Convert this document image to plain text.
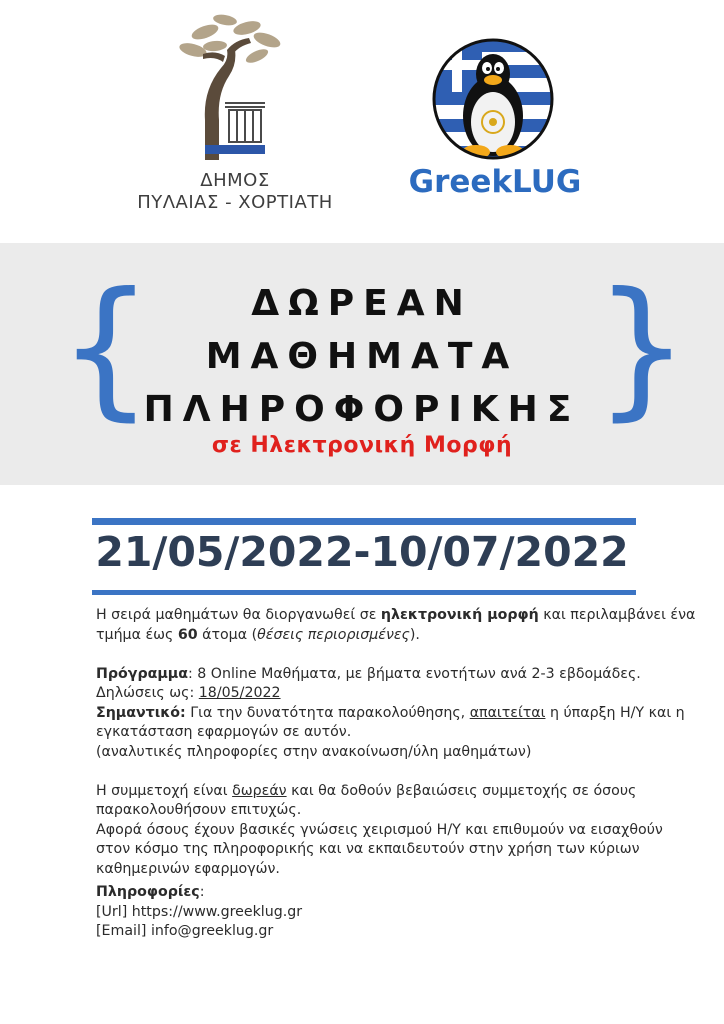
ΔΗΜΟΣ
ΠΥΛΑΙΑΣ - ΧΟΡΤΙΑΤΗ
GreekLUG
{	}
ΔΩΡΕΑΝ
ΜΑΘΗΜΑΤΑ
ΠΛΗΡΟΦΟΡΙΚΗΣ
σε Ηλεκτρονική Μορφή
21/05/2022-10/07/2022

Η σειρά μαθημάτων θα διοργανωθεί σε ηλεκτρονική μορφή και περιλαμβάνει ένα τμήμα έως 60 άτομα (θέσεις περιορισμένες).

Πρόγραμμα: 8 Online Μαθήματα, με βήματα ενοτήτων ανά 2-3 εβδομάδες. Δηλώσεις ως: 18/05/2022

Σημαντικό: Για την δυνατότητα παρακολούθησης, απαιτείται η ύπαρξη Η/Υ και η εγκατάσταση εφαρμογών σε αυτόν.

(αναλυτικές πληροφορίες στην ανακοίνωση/ύλη μαθημάτων)

Η συμμετοχή είναι δωρεάν και θα δοθούν βεβαιώσεις συμμετοχής σε όσους παρακολουθήσουν επιτυχώς.

Αφορά όσους έχουν βασικές γνώσεις χειρισμού Η/Υ και επιθυμούν να εισαχθούν στον κόσμο της πληροφορικής και να εκπαιδευτούν στην χρήση των κύριων καθημερινών εφαρμογών.

Πληροφορίες:

[Url] https://www.greeklug.gr

[Email] info@greeklug.gr
